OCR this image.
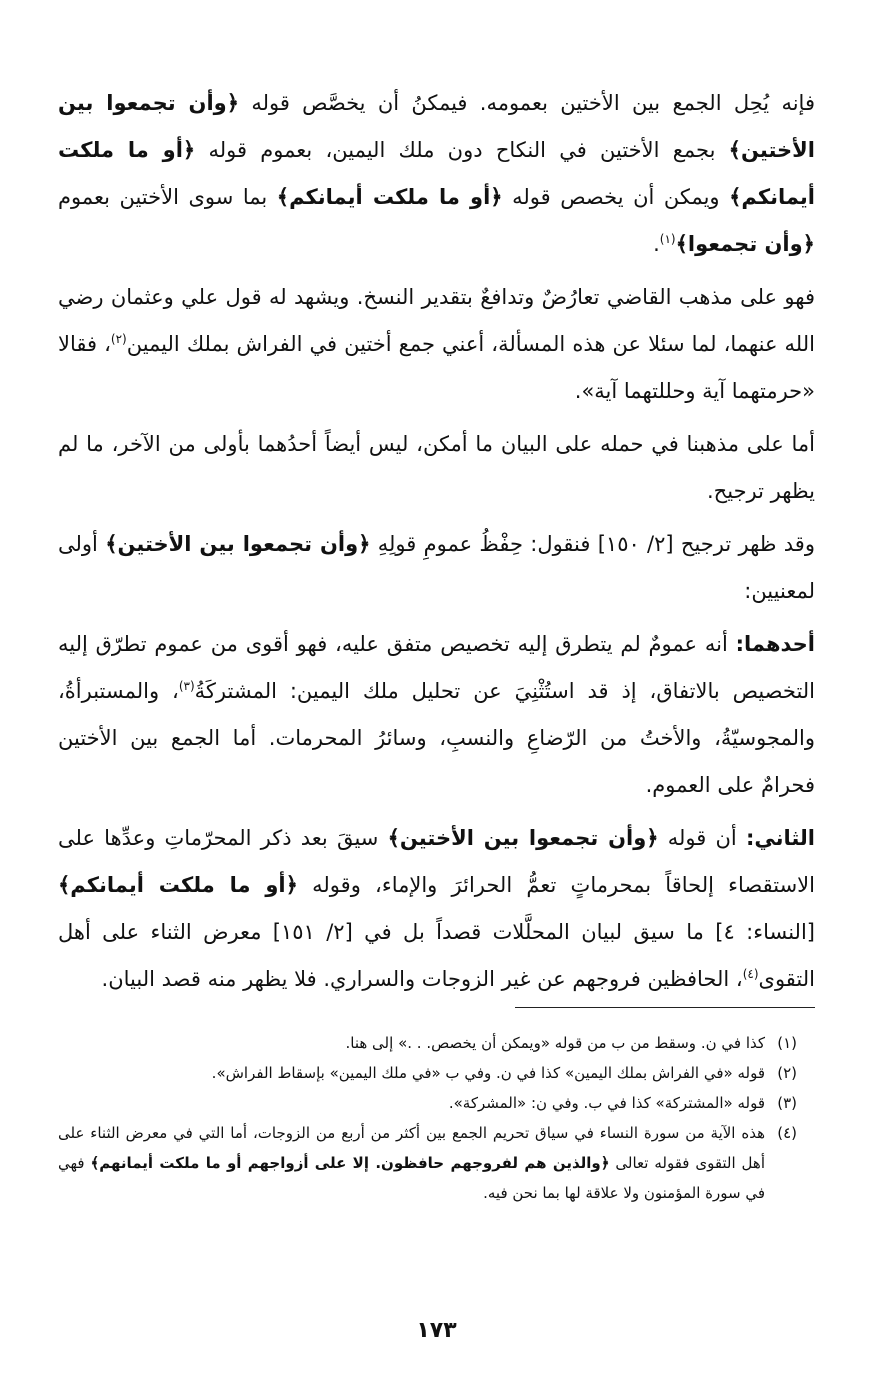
فإنه يُحِل الجمع بين الأختين بعمومه. فيمكنُ أن يخصَّص قوله ﴿وأن تجمعوا بين الأختين﴾ بجمع الأختين في النكاح دون ملك اليمين، بعموم قوله ﴿أو ما ملكت أيمانكم﴾ ويمكن أن يخصص قوله ﴿أو ما ملكت أيمانكم﴾ بما سوى الأختين بعموم ﴿وأن تجمعوا﴾$^{(١)}$.

فهو على مذهب القاضي تعارُضٌ وتدافعٌ بتقدير النسخ. ويشهد له قول علي وعثمان رضي الله عنهما، لما سئلا عن هذه المسألة، أعني جمع أختين في الفراش بملك اليمين$^{(٢)}$، فقالا «حرمتهما آية وحللتهما آية».

أما على مذهبنا في حمله على البيان ما أمكن، ليس أيضاً أحدُهما بأولى من الآخر، ما لم يظهر ترجيح.

وقد ظهر ترجيح [٢/ ١٥٠] فنقول: حِفْظُ عمومِ قولِهِ ﴿وأن تجمعوا بين الأختين﴾ أولى لمعنيين:

أحدهما: أنه عمومٌ لم يتطرق إليه تخصيص متفق عليه، فهو أقوى من عموم تطرّق إليه التخصيص بالاتفاق، إذ قد استُثْنِيَ عن تحليل ملك اليمين: المشتركَةُ$^{(٣)}$، والمستبرأةُ، والمجوسيّةُ، والأختُ من الرّضاعِ والنسبِ، وسائرُ المحرمات. أما الجمع بين الأختين فحرامٌ على العموم.

الثاني: أن قوله ﴿وأن تجمعوا بين الأختين﴾ سيقَ بعد ذكر المحرّماتِ وعدِّها على الاستقصاء إلحاقاً بمحرماتٍ تعمُّ الحرائرَ والإماء، وقوله ﴿أو ما ملكت أيمانكم﴾ [النساء: ٤] ما سيق لبيان المحلَّلات قصداً بل في [٢/ ١٥١] معرض الثناء على أهل التقوى$^{(٤)}$، الحافظين فروجهم عن غير الزوجات والسراري. فلا يظهر منه قصد البيان.

(١)
كذا في ن. وسقط من ب من قوله «ويمكن أن يخصص. . .» إلى هنا.
(٢)
قوله «في الفراش بملك اليمين» كذا في ن. وفي ب «في ملك اليمين» بإسقاط الفراش».
(٣)
قوله «المشتركة» كذا في ب. وفي ن: «المشركة».
(٤)
هذه الآية من سورة النساء في سياق تحريم الجمع بين أكثر من أربع من الزوجات، أما التي في معرض الثناء على أهل التقوى فقوله تعالى ﴿والذين هم لفروجهم حافظون. إلا على أزواجهم أو ما ملكت أيمانهم﴾ فهي في سورة المؤمنون ولا علاقة لها بما نحن فيه.
١٧٣
